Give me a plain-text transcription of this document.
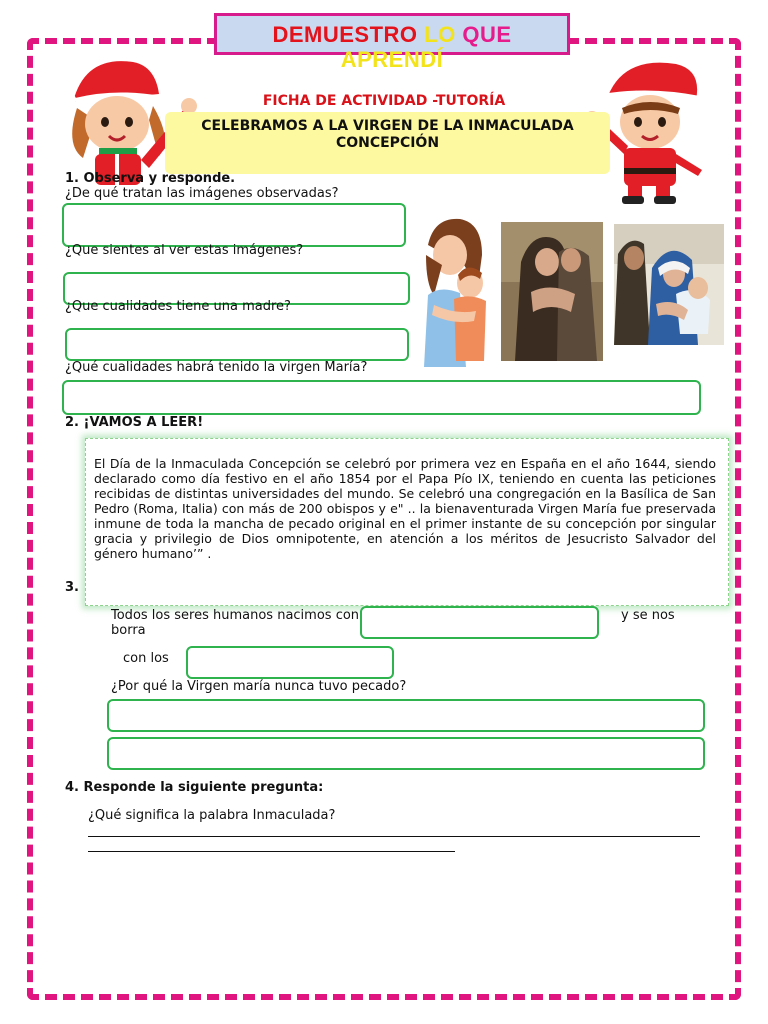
DEMUESTRO LO QUE
APRENDÍ
FICHA DE ACTIVIDAD -TUTORÍA
CELEBRAMOS A LA VIRGEN DE LA INMACULADA
CONCEPCIÓN
1. Observa y responde.
¿De qué tratan las imágenes observadas?
¿Que sientes al ver estas imágenes?
¿Que cualidades tiene una madre?
¿Qué cualidades habrá tenido la virgen María?
2. ¡VAMOS A LEER!
El Día de la Inmaculada Concepción se celebró por primera vez en España en el año 1644, siendo declarado como día festivo en el año 1854 por el Papa Pío IX, teniendo en cuenta las peticiones recibidas de distintas universidades del mundo. Se celebró una congregación en la Basílica de San Pedro (Roma, Italia) con más de 200 obispos y e" .. la bienaventurada Virgen María fue preservada inmune de toda la mancha de pecado original en el primer instante de su concepción por singular gracia y privilegio de Dios omnipotente, en atención a los méritos de Jesucristo Salvador del género humano’” .
3.
Todos los seres humanos nacimos con	y se nos
borra
con los
¿Por qué la Virgen maría nunca tuvo pecado?
4. Responde la siguiente pregunta:
¿Qué significa la palabra Inmaculada?
